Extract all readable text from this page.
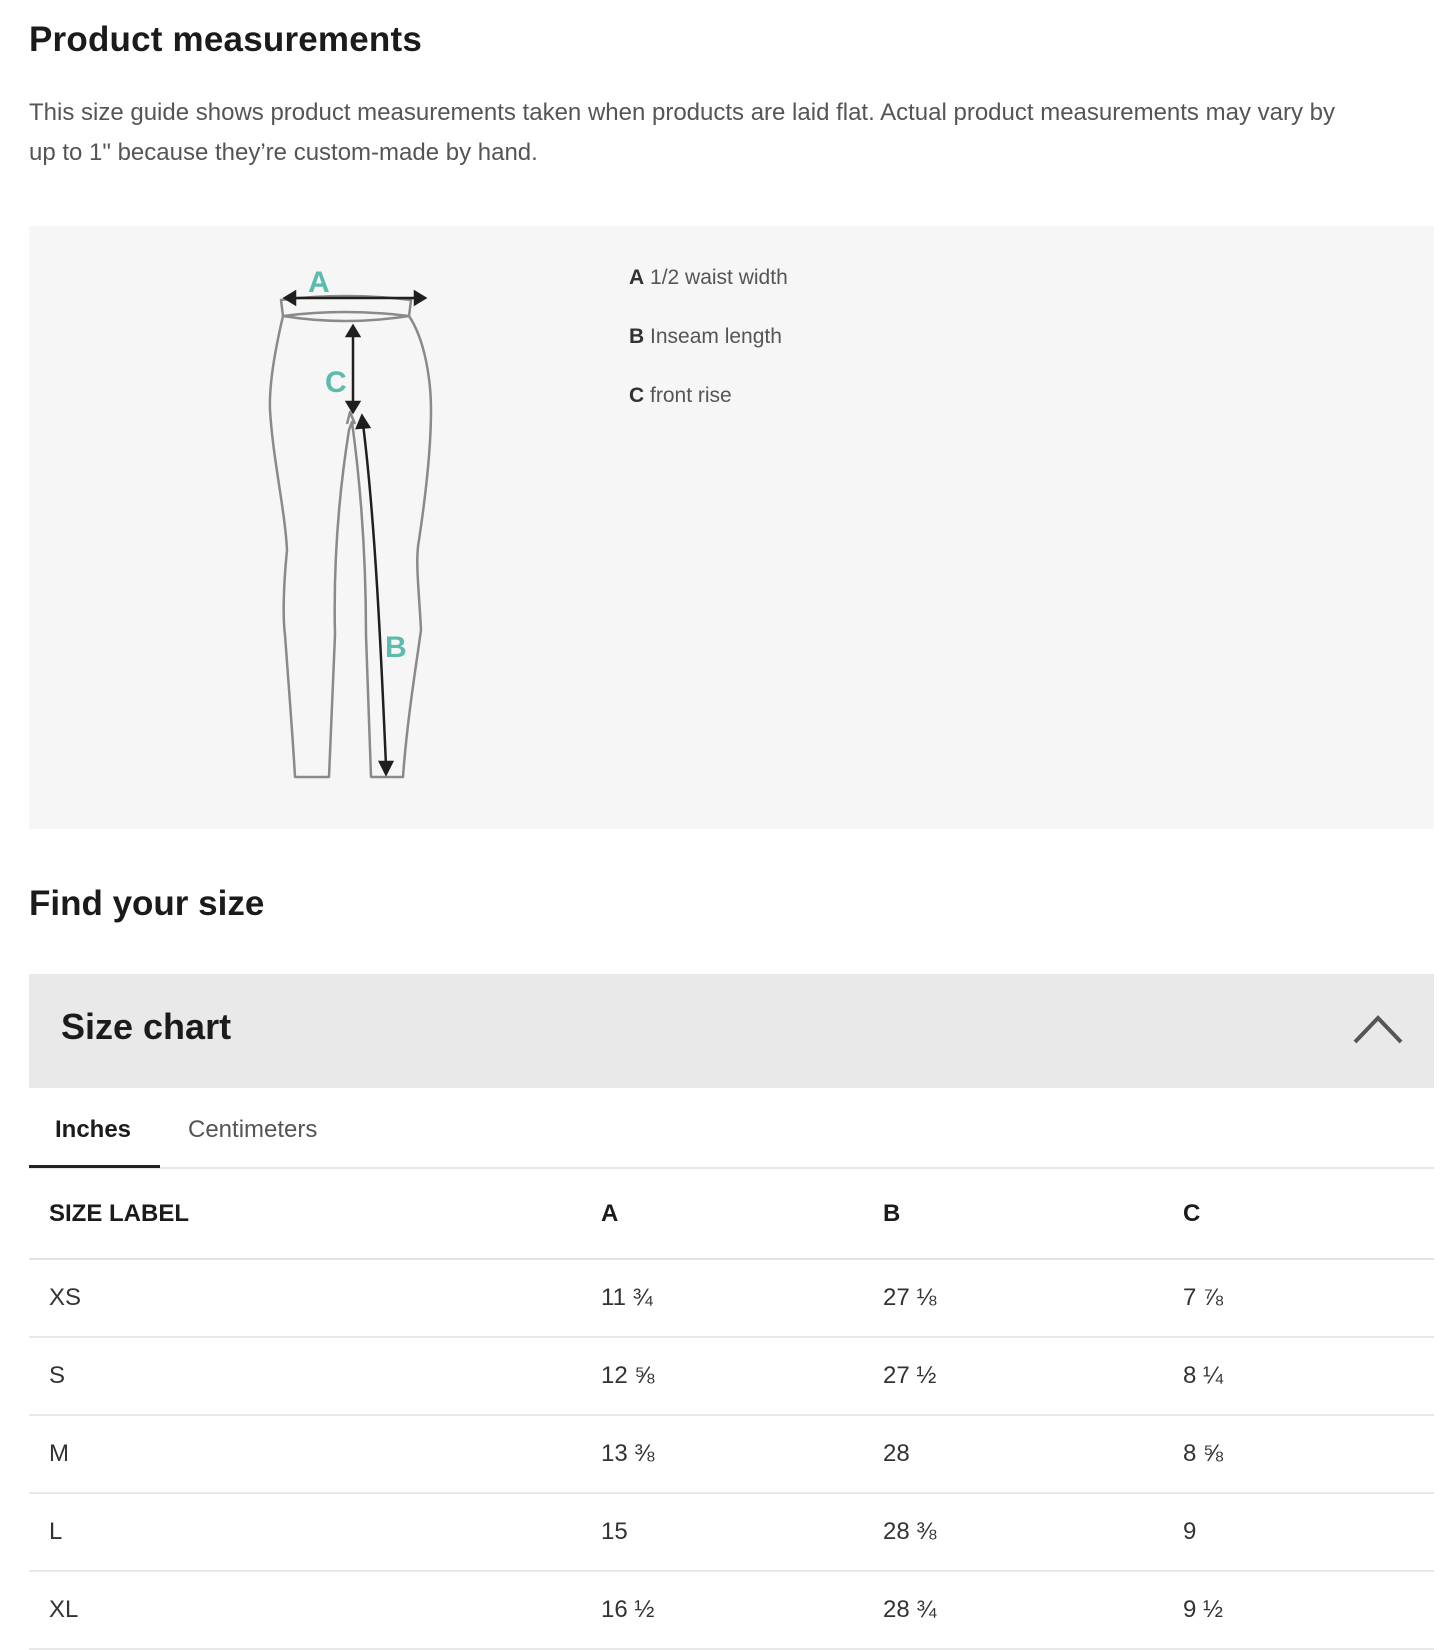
Product measurements
This size guide shows product measurements taken when products are laid flat. Actual product measurements may vary by
up to 1" because they’re custom-made by hand.
A
C
B
A 1/2 waist width
B Inseam length
C front rise
Find your size
Size chart
Inches Centimeters
SIZE LABEL	A	B	C
XS	11 ¾	27 ⅛	7 ⅞
S	12 ⅝	27 ½	8 ¼
M	13 ⅜	28	8 ⅝
L	15	28 ⅜	9
XL	16 ½	28 ¾	9 ½
